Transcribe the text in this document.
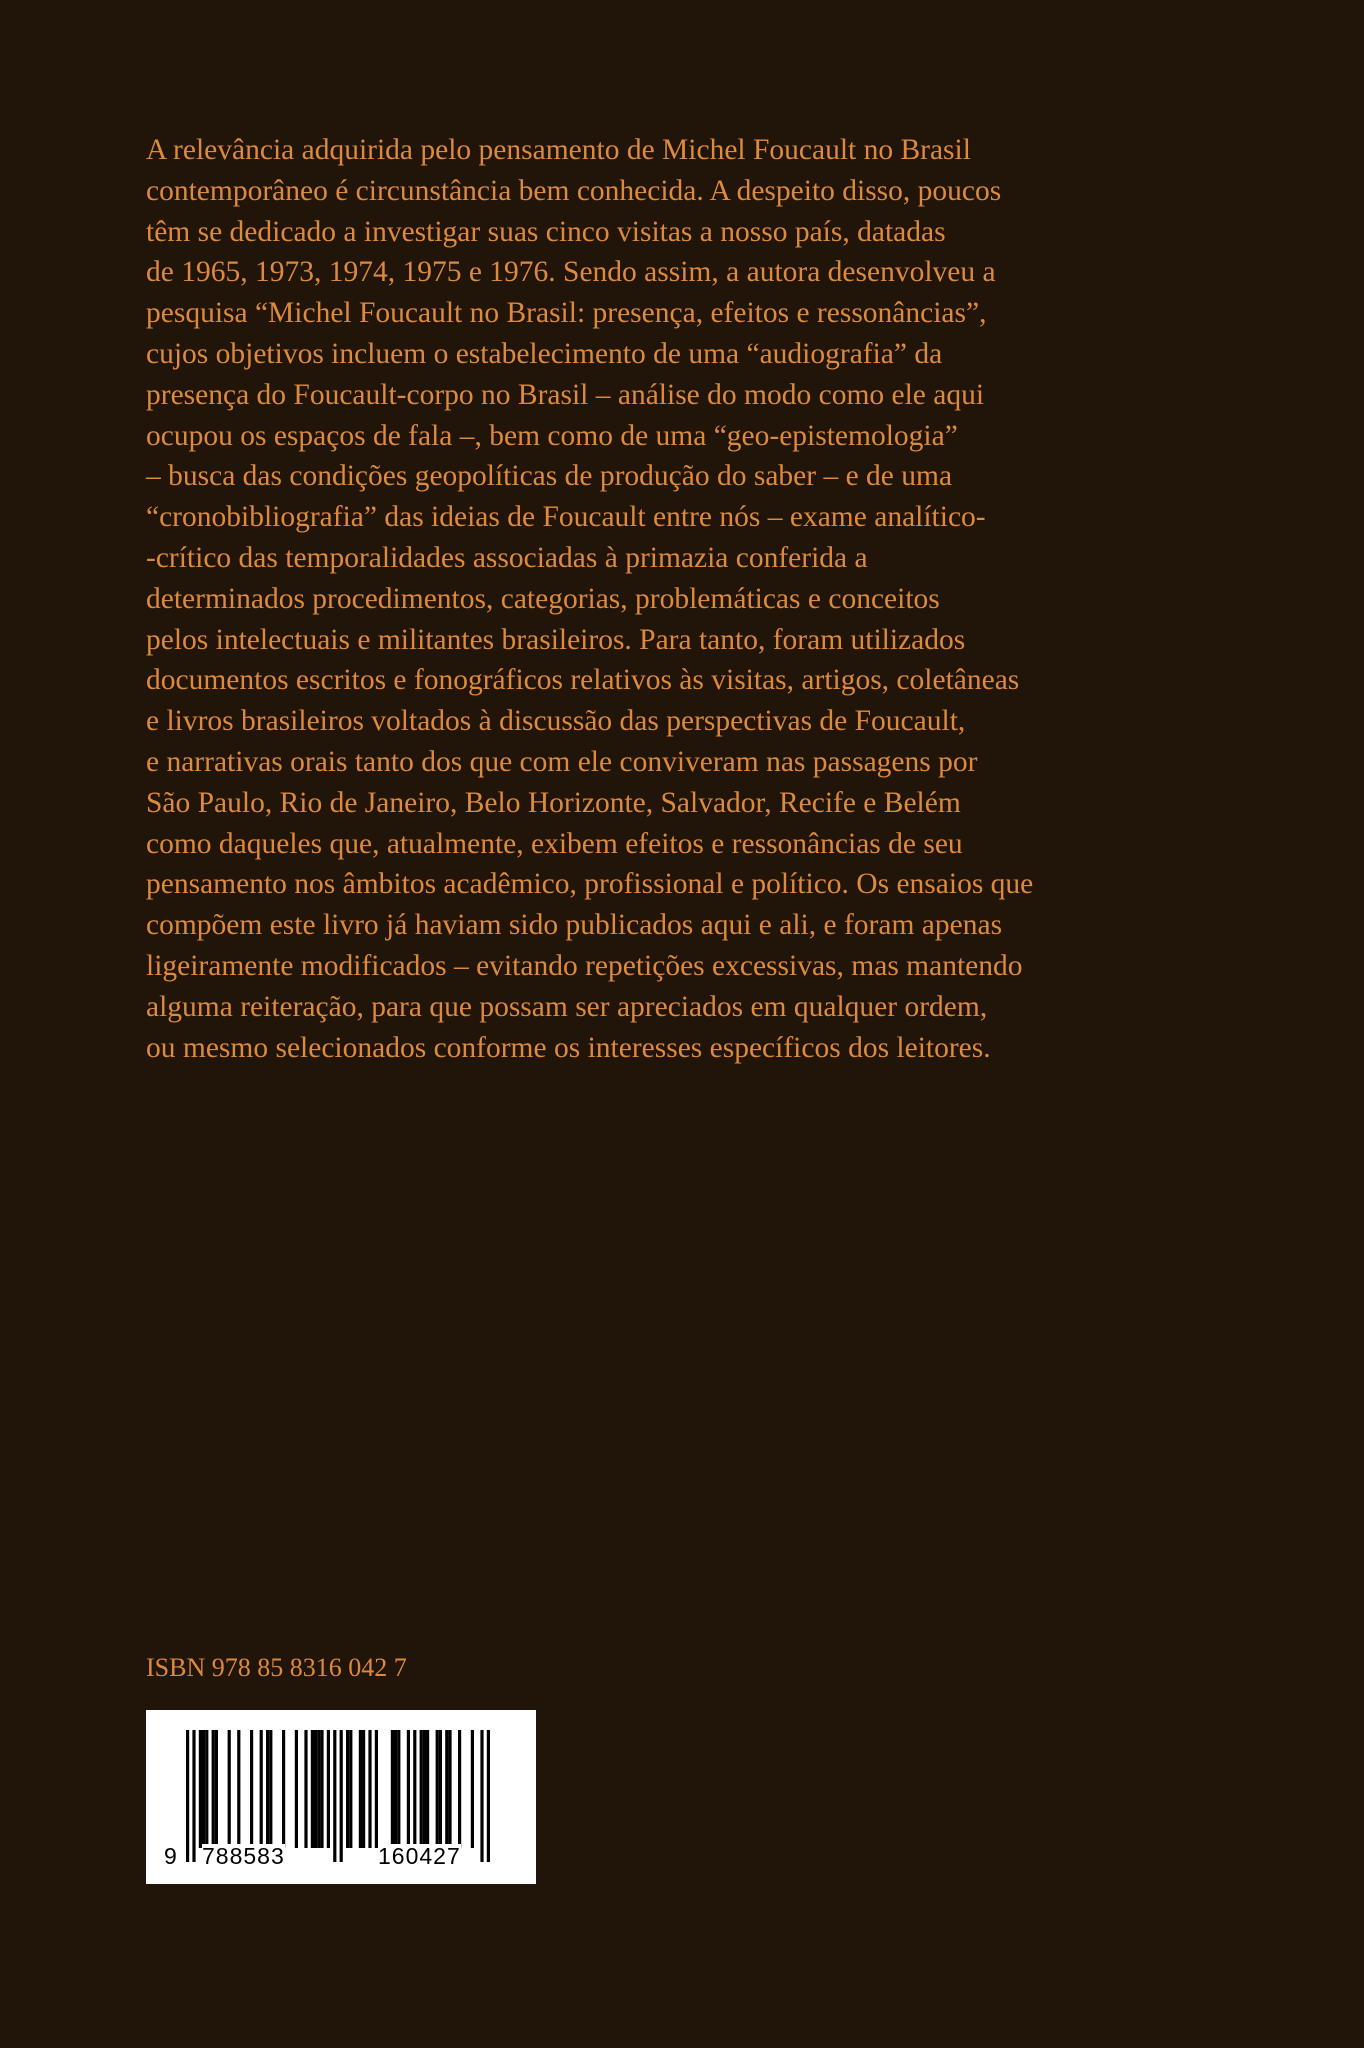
A relevância adquirida pelo pensamento de Michel Foucault no Brasil
contemporâneo é circunstância bem conhecida. A despeito disso, poucos
têm se dedicado a investigar suas cinco visitas a nosso país, datadas
de 1965, 1973, 1974, 1975 e 1976. Sendo assim, a autora desenvolveu a
pesquisa “Michel Foucault no Brasil: presença, efeitos e ressonâncias”,
cujos objetivos incluem o estabelecimento de uma “audiografia” da
presença do Foucault-corpo no Brasil – análise do modo como ele aqui
ocupou os espaços de fala –, bem como de uma “geo-epistemologia”
– busca das condições geopolíticas de produção do saber – e de uma
“cronobibliografia” das ideias de Foucault entre nós – exame analítico-
-crítico das temporalidades associadas à primazia conferida a
determinados procedimentos, categorias, problemáticas e conceitos
pelos intelectuais e militantes brasileiros. Para tanto, foram utilizados
documentos escritos e fonográficos relativos às visitas, artigos, coletâneas
e livros brasileiros voltados à discussão das perspectivas de Foucault,
e narrativas orais tanto dos que com ele conviveram nas passagens por
São Paulo, Rio de Janeiro, Belo Horizonte, Salvador, Recife e Belém
como daqueles que, atualmente, exibem efeitos e ressonâncias de seu
pensamento nos âmbitos acadêmico, profissional e político. Os ensaios que
compõem este livro já haviam sido publicados aqui e ali, e foram apenas
ligeiramente modificados – evitando repetições excessivas, mas mantendo
alguma reiteração, para que possam ser apreciados em qualquer ordem,
ou mesmo selecionados conforme os interesses específicos dos leitores.

ISBN 978 85 8316 042 7
9 788583	160427
